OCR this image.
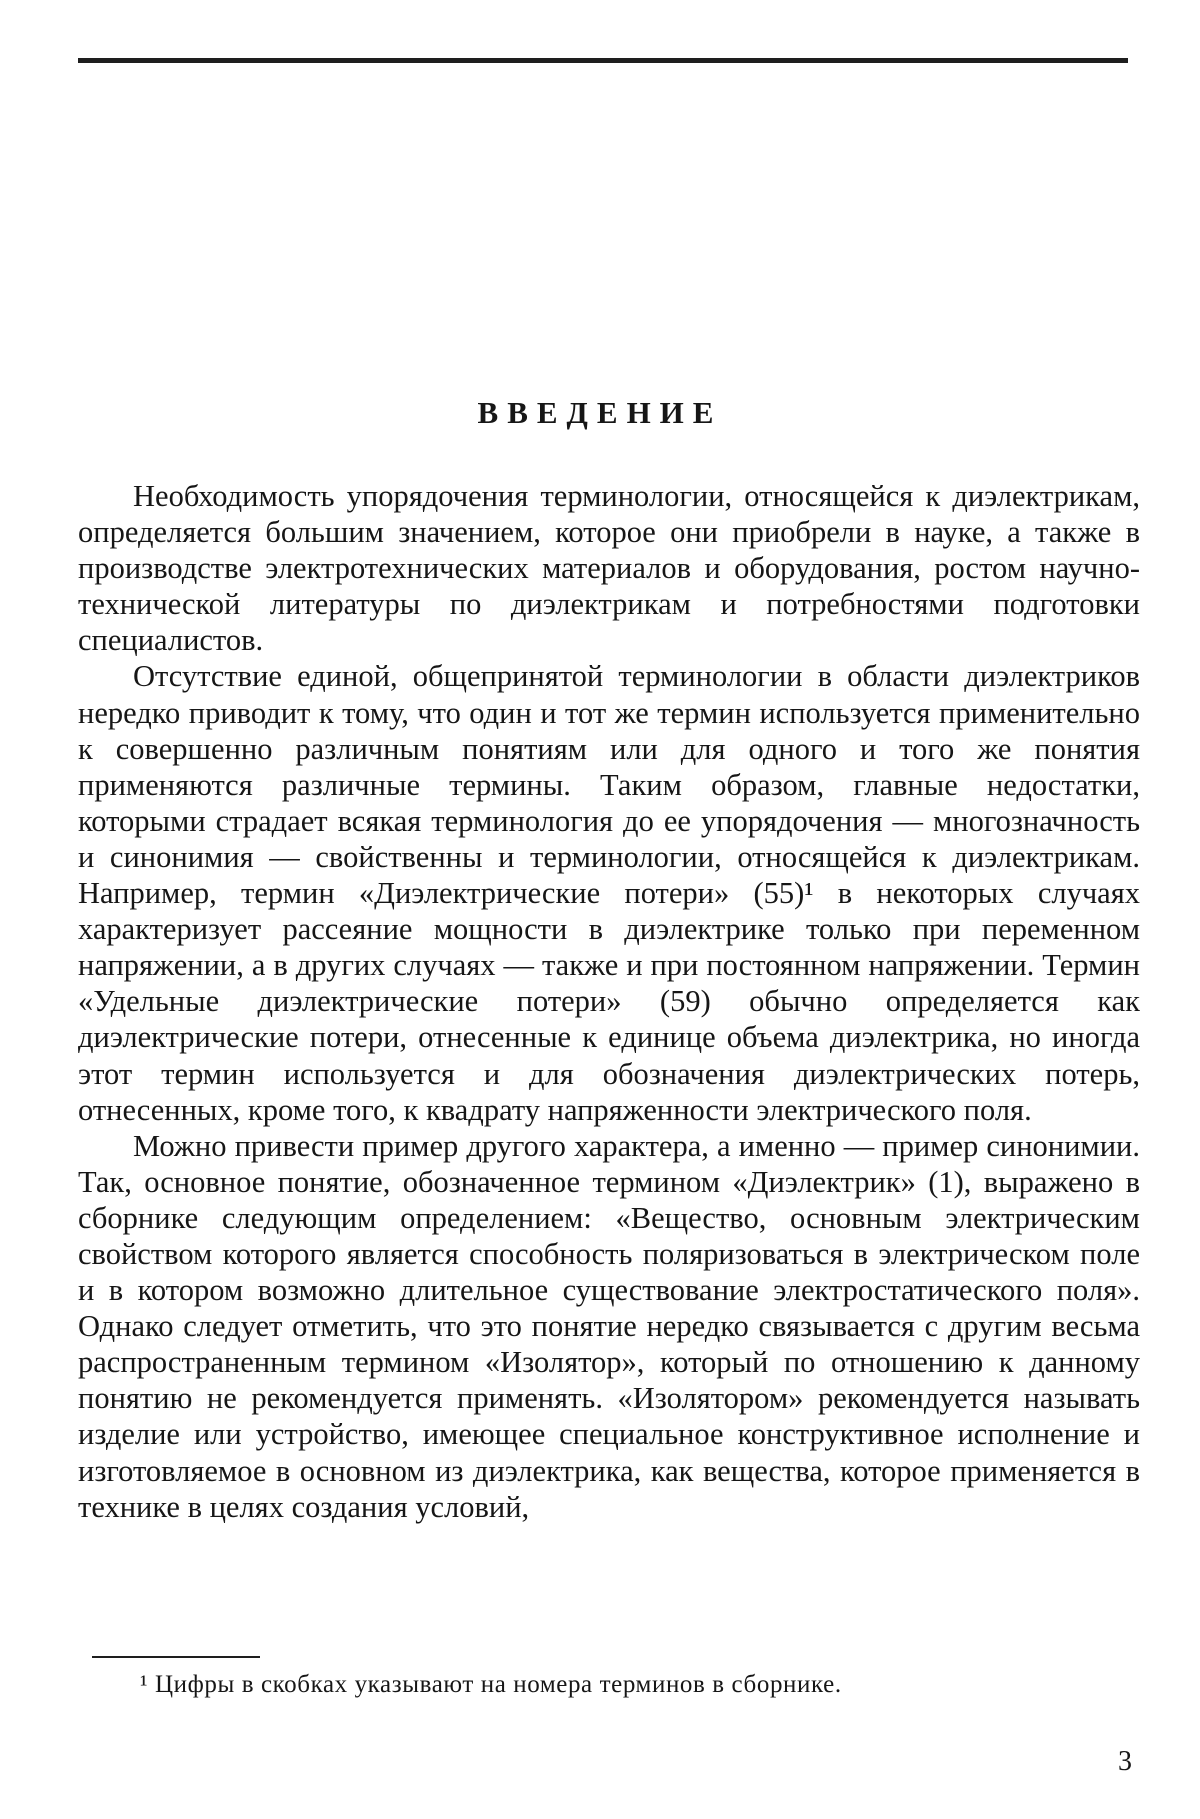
ВВЕДЕНИЕ

Необходимость упорядочения терминологии, относящейся к диэлектрикам, определяется большим значением, которое они приобрели в науке, а также в производстве электротехнических материалов и оборудования, ростом научно-технической литературы по диэлектрикам и потребностями подготовки специалистов.

Отсутствие единой, общепринятой терминологии в области диэлектриков нередко приводит к тому, что один и тот же термин используется применительно к совершенно различным понятиям или для одного и того же понятия применяются различные термины. Таким образом, главные недостатки, которыми страдает всякая терминология до ее упорядочения — многозначность и синонимия — свойственны и терминологии, относящейся к диэлектрикам. Например, термин «Диэлектрические потери» (55)¹ в некоторых случаях характеризует рассеяние мощности в диэлектрике только при переменном напряжении, а в других случаях — также и при постоянном напряжении. Термин «Удельные диэлектрические потери» (59) обычно определяется как диэлектрические потери, отнесенные к единице объема диэлектрика, но иногда этот термин используется и для обозначения диэлектрических потерь, отнесенных, кроме того, к квадрату напряженности электрического поля.

Можно привести пример другого характера, а именно — пример синонимии. Так, основное понятие, обозначенное термином «Диэлектрик» (1), выражено в сборнике следующим определением: «Вещество, основным электрическим свойством которого является способность поляризоваться в электрическом поле и в котором возможно длительное существование электростатического поля». Однако следует отметить, что это понятие нередко связывается с другим весьма распространенным термином «Изолятор», который по отношению к данному понятию не рекомендуется применять. «Изолятором» рекомендуется называть изделие или устройство, имеющее специальное конструктивное исполнение и изготовляемое в основном из диэлектрика, как вещества, которое применяется в технике в целях создания условий,

¹ Цифры в скобках указывают на номера терминов в сборнике.

3
